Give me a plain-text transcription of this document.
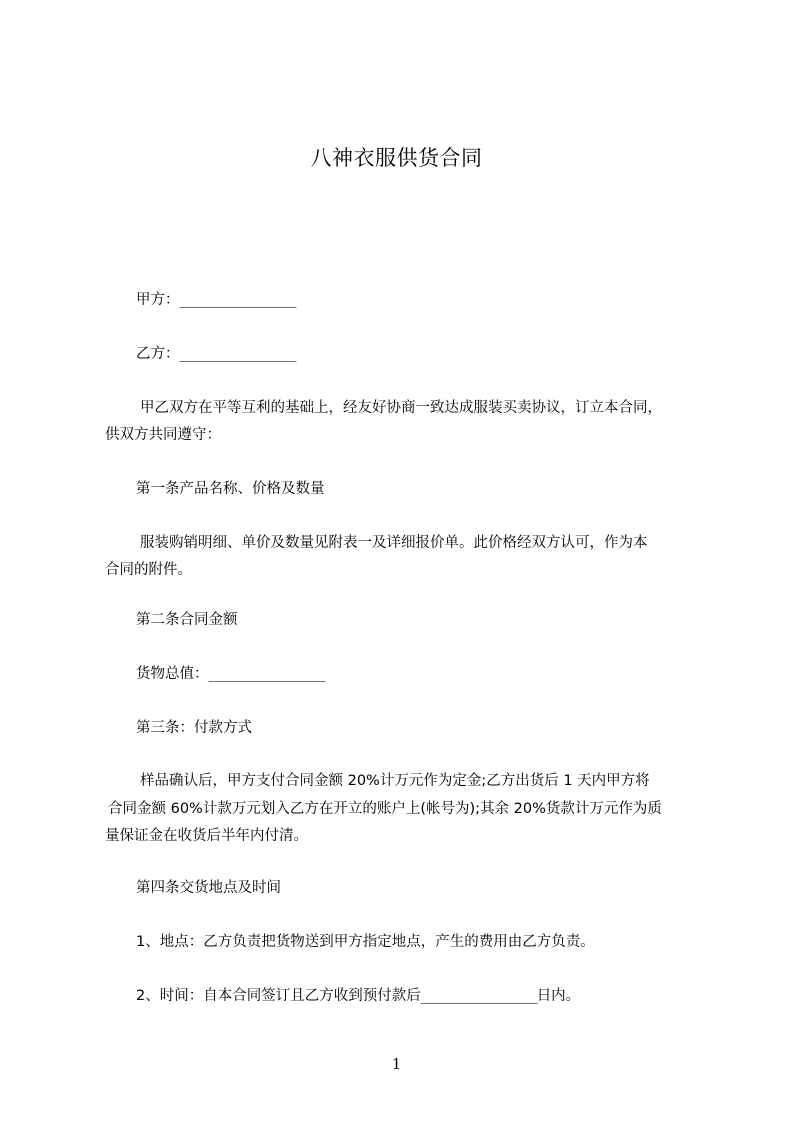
八神衣服供货合同
甲方：_______________
乙方：_______________
甲乙双方在平等互利的基础上，经友好协商一致达成服装买卖协议，订立本合同，
供双方共同遵守：
第一条产品名称、价格及数量
服装购销明细、单价及数量见附表一及详细报价单。此价格经双方认可，作为本
合同的附件。
第二条合同金额
货物总值：_______________
第三条：付款方式
样品确认后，甲方支付合同金额 20%计万元作为定金;乙方出货后 1 天内甲方将
合同金额 60%计款万元划入乙方在开立的账户上(帐号为);其余 20%货款计万元作为质
量保证金在收货后半年内付清。
第四条交货地点及时间
1、地点：乙方负责把货物送到甲方指定地点，产生的费用由乙方负责。
2、时间：自本合同签订且乙方收到预付款后_______________日内。
1
